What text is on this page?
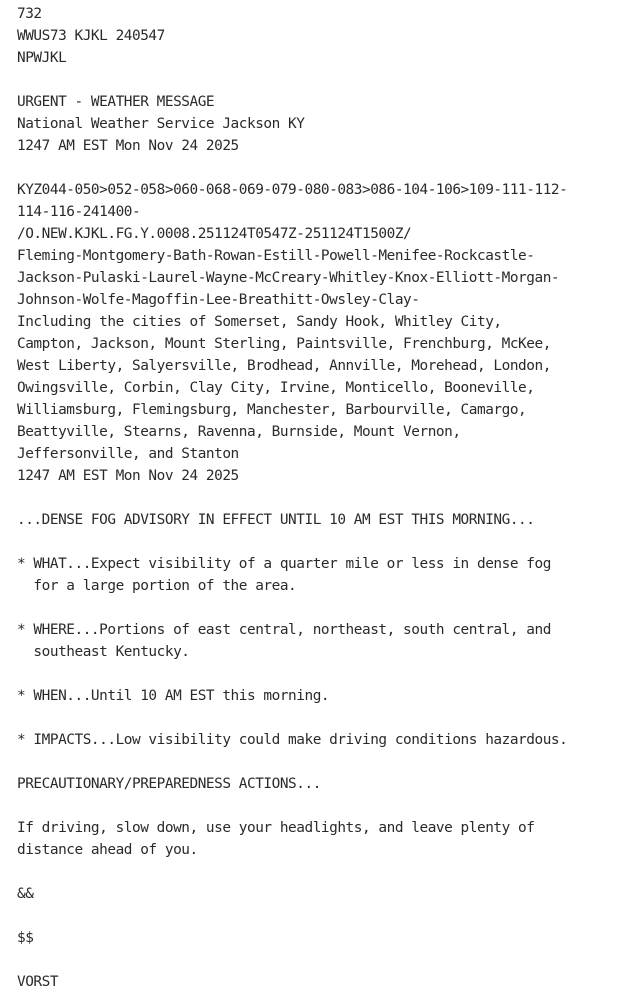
732
WWUS73 KJKL 240547
NPWJKL
URGENT - WEATHER MESSAGE
National Weather Service Jackson KY
1247 AM EST Mon Nov 24 2025
KYZ044-050>052-058>060-068-069-079-080-083>086-104-106>109-111-112-
114-116-241400-
/O.NEW.KJKL.FG.Y.0008.251124T0547Z-251124T1500Z/
Fleming-Montgomery-Bath-Rowan-Estill-Powell-Menifee-Rockcastle-
Jackson-Pulaski-Laurel-Wayne-McCreary-Whitley-Knox-Elliott-Morgan-
Johnson-Wolfe-Magoffin-Lee-Breathitt-Owsley-Clay-
Including the cities of Somerset, Sandy Hook, Whitley City,
Campton, Jackson, Mount Sterling, Paintsville, Frenchburg, McKee,
West Liberty, Salyersville, Brodhead, Annville, Morehead, London,
Owingsville, Corbin, Clay City, Irvine, Monticello, Booneville,
Williamsburg, Flemingsburg, Manchester, Barbourville, Camargo,
Beattyville, Stearns, Ravenna, Burnside, Mount Vernon,
Jeffersonville, and Stanton
1247 AM EST Mon Nov 24 2025
...DENSE FOG ADVISORY IN EFFECT UNTIL 10 AM EST THIS MORNING...
* WHAT...Expect visibility of a quarter mile or less in dense fog
for a large portion of the area.
* WHERE...Portions of east central, northeast, south central, and
southeast Kentucky.
* WHEN...Until 10 AM EST this morning.
* IMPACTS...Low visibility could make driving conditions hazardous.
PRECAUTIONARY/PREPAREDNESS ACTIONS...
If driving, slow down, use your headlights, and leave plenty of
distance ahead of you.
&&
$$
VORST
